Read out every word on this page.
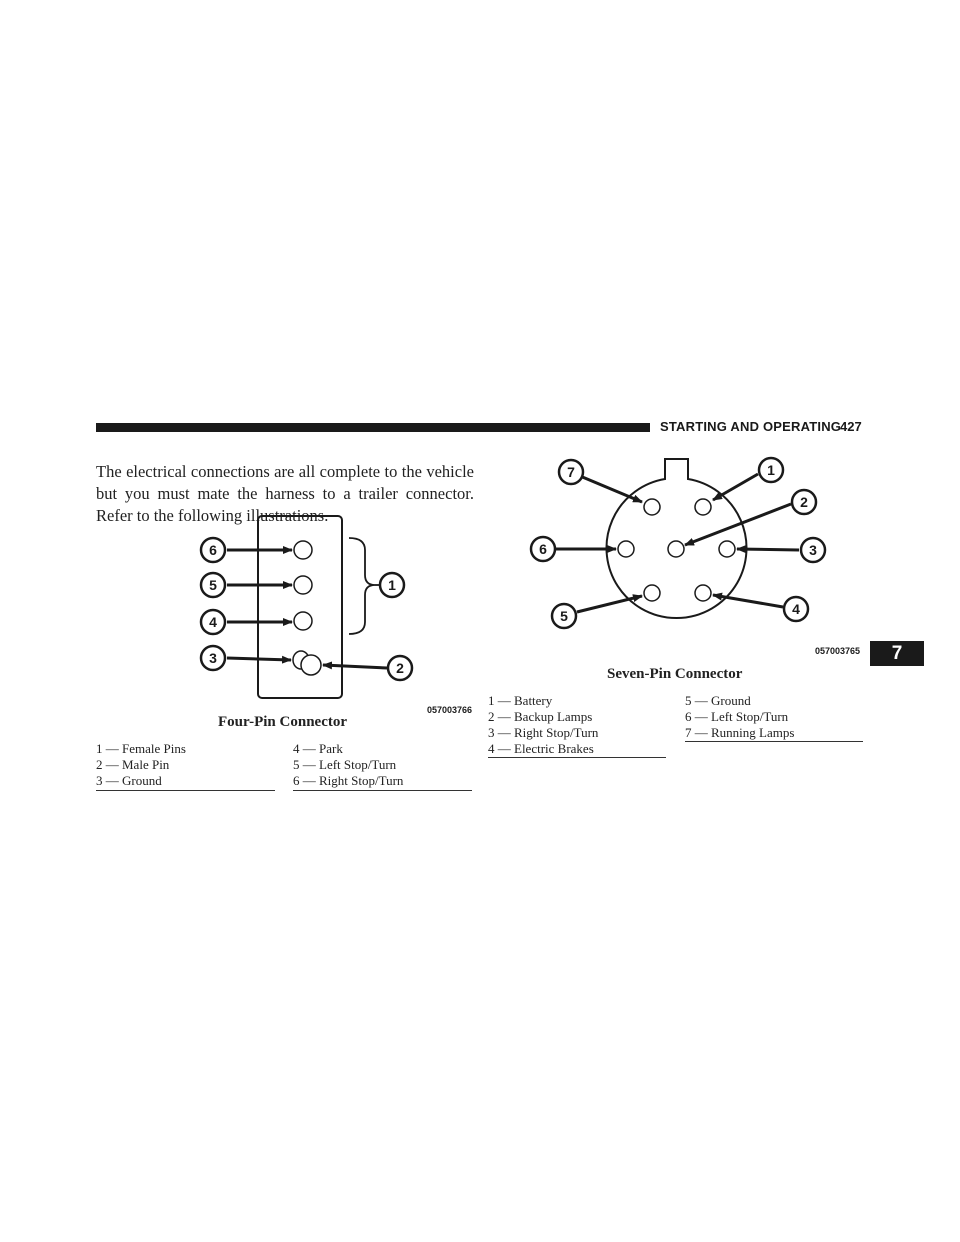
STARTING AND OPERATING
427

The electrical connections are all complete to the vehicle but you must mate the harness to a trailer connector. Refer to the following illustrations.

7
6
5
4
3
1
2
057003766
Four-Pin Connector
1 — Female Pins
2 — Male Pin
3 — Ground
4 — Park
5 — Left Stop/Turn
6 — Right Stop/Turn
7	1
2
6	3
5	4
057003765
Seven-Pin Connector
1 — Battery
2 — Backup Lamps
3 — Right Stop/Turn
4 — Electric Brakes
5 — Ground
6 — Left Stop/Turn
7 — Running Lamps
